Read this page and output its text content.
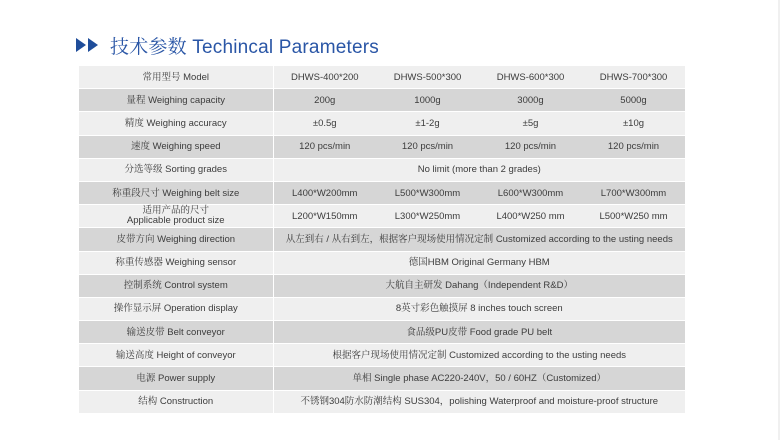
技术参数 Techincal Parameters
常用型号 Model	DHWS-400*200	DHWS-500*300	DHWS-600*300	DHWS-700*300
量程 Weighing capacity	200g	1000g	3000g	5000g
精度 Weighing accuracy	±0.5g	±1-2g	±5g	±10g
速度 Weighing speed	120 pcs/min	120 pcs/min	120 pcs/min	120 pcs/min
分选等级 Sorting grades	No limit (more than 2 grades)			
称重段尺寸 Weighing belt size	L400*W200mm	L500*W300mm	L600*W300mm	L700*W300mm

适用产品的尺寸
Applicable product size	L200*W150mm	L300*W250mm	L400*W250 mm	L500*W250 mm
皮带方向 Weighing direction	从左到右 / 从右到左，根据客户现场使用情况定制 Customized according to the usting needs			
称重传感器 Weighing sensor	德国HBM Original Germany HBM			
控制系统 Control system	大航自主研发 Dahang（Independent R&D）			
操作显示屏 Operation display	8英寸彩色触摸屏 8 inches touch screen			
输送皮带 Belt conveyor	食品级PU皮带 Food grade PU belt			
输送高度 Height of conveyor	根据客户现场使用情况定制 Customized according to the usting needs			
电源 Power supply	单相 Single phase AC220-240V，50 / 60HZ（Customized）			
结构 Construction	不锈钢304防水防潮结构 SUS304，polishing Waterproof and moisture-proof structure			
